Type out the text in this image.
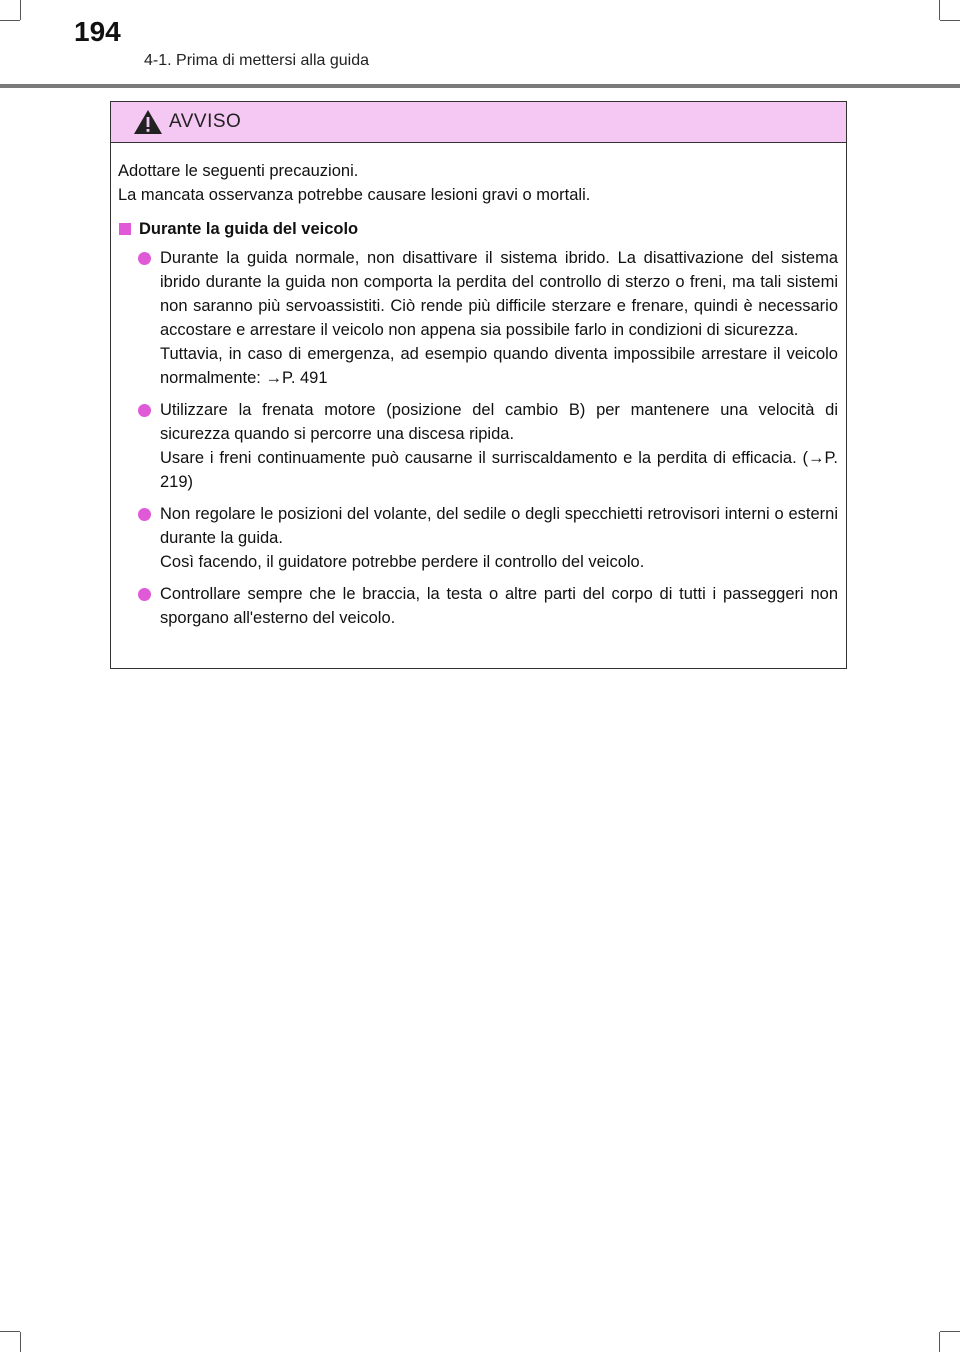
194
4-1. Prima di mettersi alla guida
AVVISO

Adottare le seguenti precauzioni.
La mancata osservanza potrebbe causare lesioni gravi o mortali.

Durante la guida del veicolo
Durante la guida normale, non disattivare il sistema ibrido. La disattivazione del sistema ibrido durante la guida non comporta la perdita del controllo di sterzo o freni, ma tali sistemi non saranno più servoassistiti. Ciò rende più difficile sterzare e frenare, quindi è necessario accostare e arrestare il veicolo non appena sia possibile farlo in condizioni di sicurezza.
Tuttavia, in caso di emergenza, ad esempio quando diventa impossibile arrestare il veicolo normalmente: →P. 491
Utilizzare la frenata motore (posizione del cambio B) per mantenere una velocità di sicurezza quando si percorre una discesa ripida.
Usare i freni continuamente può causarne il surriscaldamento e la perdita di efficacia. (→P. 219)
Non regolare le posizioni del volante, del sedile o degli specchietti retrovisori interni o esterni durante la guida.
Così facendo, il guidatore potrebbe perdere il controllo del veicolo.
Controllare sempre che le braccia, la testa o altre parti del corpo di tutti i passeggeri non sporgano all'esterno del veicolo.
